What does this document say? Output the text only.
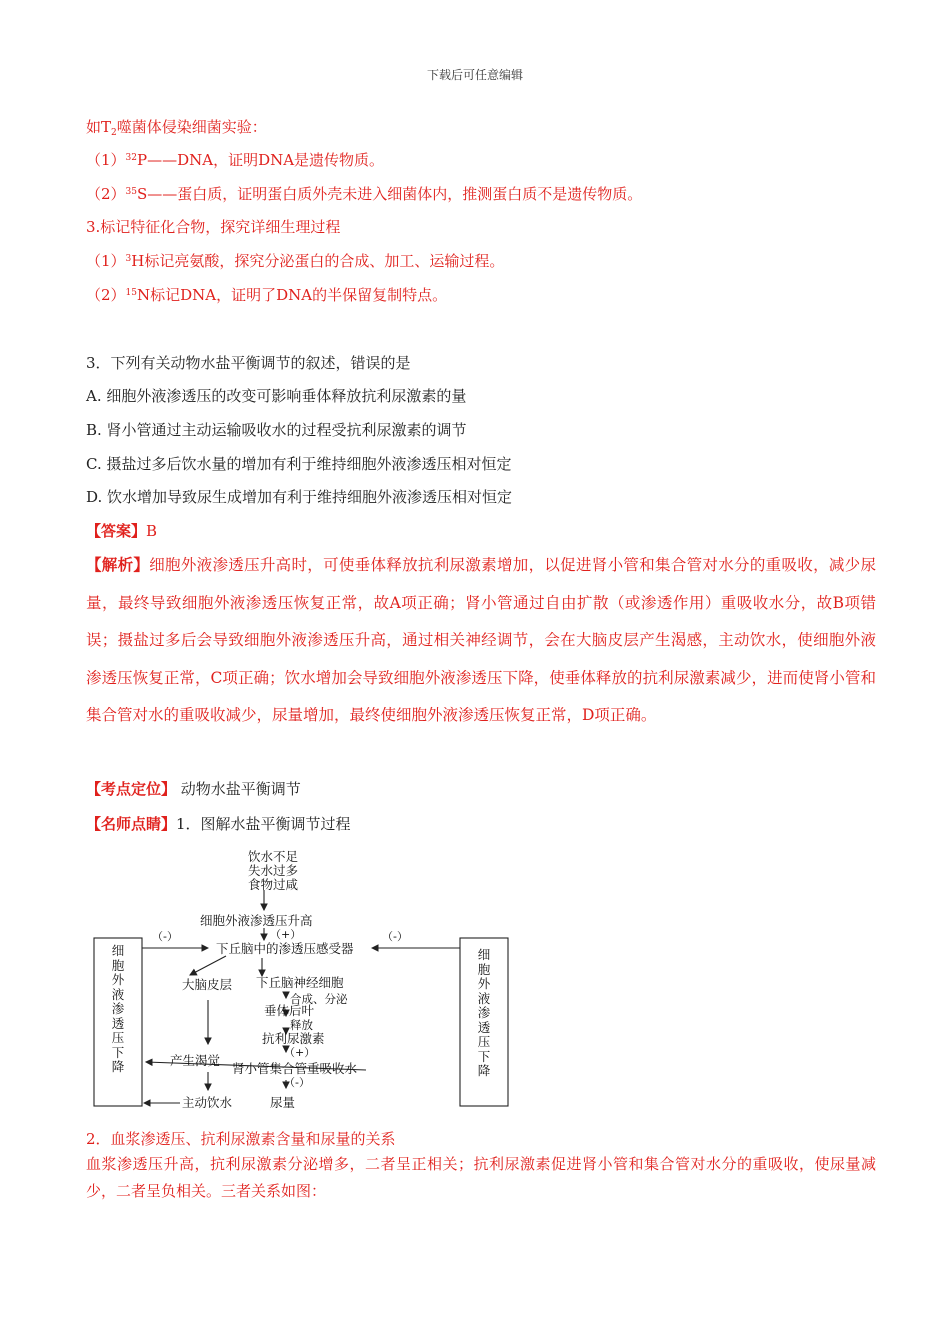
下载后可任意编辑
如$T_2$噬菌体侵染细菌实验：
$(1)^{32}P——DNA$，证明DNA是遗传物质。
$(2)^{35}S——$蛋白质，证明蛋白质外壳未进入细菌体内，推测蛋白质不是遗传物质。
3.标记特征化合物，探究详细生理过程
$(1)^3H$标记亮氨酸，探究分泌蛋白的合成、加工、运输过程。
$(2)^{15}N$标记DNA，证明了DNA的半保留复制特点。
3．下列有关动物水盐平衡调节的叙述，错误的是
A. 细胞外液渗透压的改变可影响垂体释放抗利尿激素的量
B. 肾小管通过主动运输吸收水的过程受抗利尿激素的调节
C. 摄盐过多后饮水量的增加有利于维持细胞外液渗透压相对恒定
D. 饮水增加导致尿生成增加有利于维持细胞外液渗透压相对恒定
【答案】B
【解析】细胞外液渗透压升高时，可使垂体释放抗利尿激素增加，以促进肾小管和集合管对水分的重吸收，减少尿量，最终导致细胞外液渗透压恢复正常，故A项正确；肾小管通过自由扩散（或渗透作用）重吸收水分，故B项错误；摄盐过多后会导致细胞外液渗透压升高，通过相关神经调节，会在大脑皮层产生渴感，主动饮水，使细胞外液渗透压恢复正常，C项正确；饮水增加会导致细胞外液渗透压下降，使垂体释放的抗利尿激素减少，进而使肾小管和集合管对水的重吸收减少，尿量增加，最终使细胞外液渗透压恢复正常，D项正确。
【考点定位】 动物水盐平衡调节
【名师点睛】1．图解水盐平衡调节过程
饮水不足
失水过多
食物过咸
细胞外液渗透压升高
（+）
（-）	（-）
下丘脑中的渗透压感受器
大脑皮层 下丘脑神经细胞
合成、分泌
垂体后叶
释放
抗利尿激素
（+）
产生渴觉
肾小管集合管重吸收水
（-）
主动饮水	尿量
细胞外液渗透压下降
细胞外液渗透压下降
2．血浆渗透压、抗利尿激素含量和尿量的关系
血浆渗透压升高，抗利尿激素分泌增多，二者呈正相关；抗利尿激素促进肾小管和集合管对水分的重吸收，使尿量减少，二者呈负相关。三者关系如图：
